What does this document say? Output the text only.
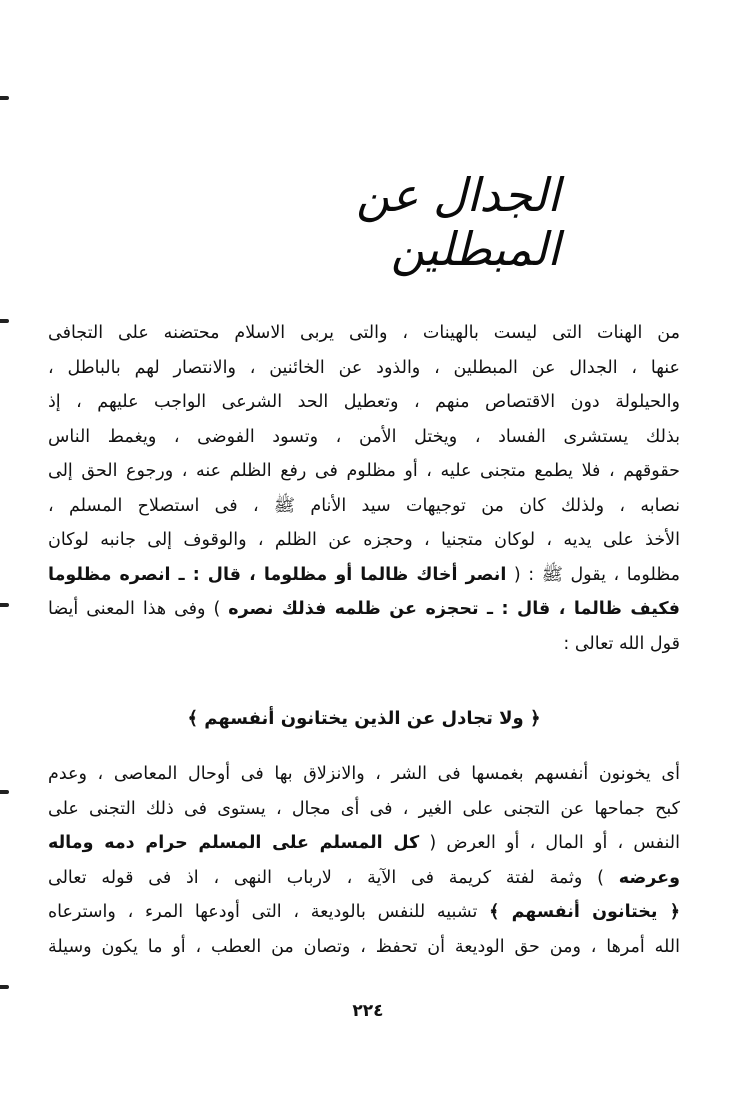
الجدال عن المبطلين
من الهنات التى ليست بالهينات ، والتى يربى الاسلام محتضنه على التجافى
عنها ، الجدال عن المبطلين ، والذود عن الخائنين ، والانتصار لهم بالباطل ،
والحيلولة دون الاقتصاص منهم ، وتعطيل الحد الشرعى الواجب عليهم ، إذ
بذلك يستشرى الفساد ، ويختل الأمن ، وتسود الفوضى ، ويغمط الناس
حقوقهم ، فلا يطمع متجنى عليه ، أو مظلوم فى رفع الظلم عنه ، ورجوع الحق إلى
نصابه ، ولذلك كان من توجيهات سيد الأنام ﷺ ، فى استصلاح المسلم ،
الأخذ على يديه ، لوكان متجنيا ، وحجزه عن الظلم ، والوقوف إلى جانبه لوكان
مظلوما ، يقول ﷺ : ( انصر أخاك ظالما أو مظلوما ، قال : ـ انصره مظلوما
فكيف ظالما ، قال : ـ تحجزه عن ظلمه فذلك نصره ) وفى هذا المعنى أيضا
قول الله تعالى :
﴿ ولا تجادل عن الذين يختانون أنفسهم ﴾
أى يخونون أنفسهم بغمسها فى الشر ، والانزلاق بها فى أوحال المعاصى ، وعدم
كبح جماحها عن التجنى على الغير ، فى أى مجال ، يستوى فى ذلك التجنى على
النفس ، أو المال ، أو العرض ( كل المسلم على المسلم حرام دمه وماله
وعرضه ) وثمة لفتة كريمة فى الآية ، لارباب النهى ، اذ فى قوله تعالى
﴿ يختانون أنفسهم ﴾ تشبيه للنفس بالوديعة ، التى أودعها المرء ، واسترعاه
الله أمرها ، ومن حق الوديعة أن تحفظ ، وتصان من العطب ، أو ما يكون وسيلة
٢٢٤
